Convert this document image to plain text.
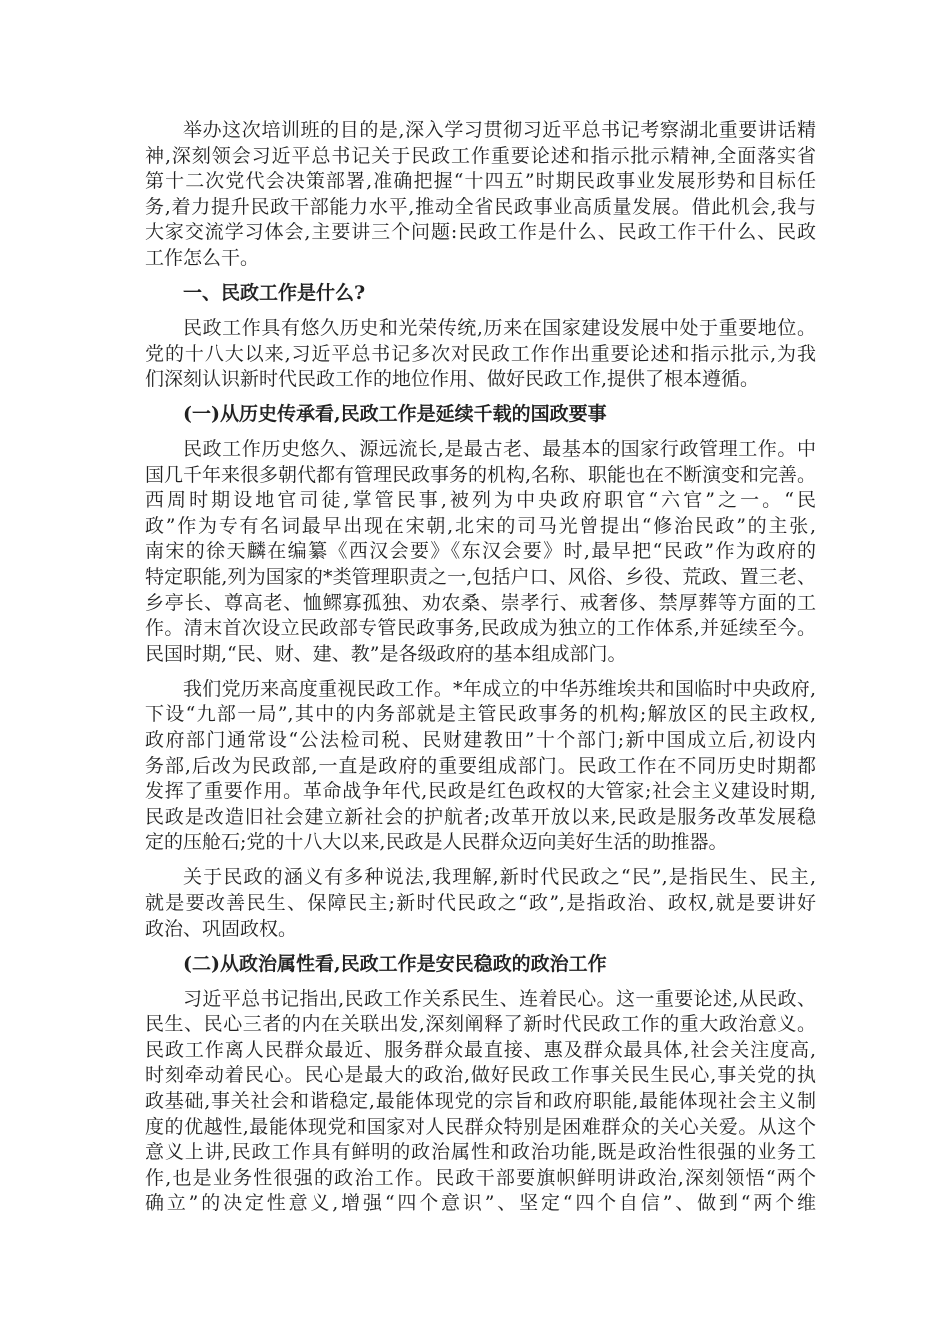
举办这次培训班的目的是,深入学习贯彻习近平总书记考察湖北重要讲话精
神,深刻领会习近平总书记关于民政工作重要论述和指示批示精神,全面落实省
第十二次党代会决策部署,准确把握“十四五”时期民政事业发展形势和目标任
务,着力提升民政干部能力水平,推动全省民政事业高质量发展。借此机会,我与
大家交流学习体会,主要讲三个问题:民政工作是什么、民政工作干什么、民政
工作怎么干。
一、民政工作是什么?
民政工作具有悠久历史和光荣传统,历来在国家建设发展中处于重要地位。
党的十八大以来,习近平总书记多次对民政工作作出重要论述和指示批示,为我
们深刻认识新时代民政工作的地位作用、做好民政工作,提供了根本遵循。
(一)从历史传承看,民政工作是延续千载的国政要事
民政工作历史悠久、源远流长,是最古老、最基本的国家行政管理工作。中
国几千年来很多朝代都有管理民政事务的机构,名称、职能也在不断演变和完善。
西周时期设地官司徒,掌管民事,被列为中央政府职官“六官”之一。“民
政”作为专有名词最早出现在宋朝,北宋的司马光曾提出“修治民政”的主张,
南宋的徐天麟在编纂《西汉会要》《东汉会要》时,最早把“民政”作为政府的
特定职能,列为国家的*类管理职责之一,包括户口、风俗、乡役、荒政、置三老、
乡亭长、尊高老、恤鳏寡孤独、劝农桑、崇孝行、戒奢侈、禁厚葬等方面的工
作。清末首次设立民政部专管民政事务,民政成为独立的工作体系,并延续至今。
民国时期,“民、财、建、教”是各级政府的基本组成部门。
我们党历来高度重视民政工作。*年成立的中华苏维埃共和国临时中央政府,
下设“九部一局”,其中的内务部就是主管民政事务的机构;解放区的民主政权,
政府部门通常设“公法检司税、民财建教田”十个部门;新中国成立后,初设内
务部,后改为民政部,一直是政府的重要组成部门。民政工作在不同历史时期都
发挥了重要作用。革命战争年代,民政是红色政权的大管家;社会主义建设时期,
民政是改造旧社会建立新社会的护航者;改革开放以来,民政是服务改革发展稳
定的压舱石;党的十八大以来,民政是人民群众迈向美好生活的助推器。
关于民政的涵义有多种说法,我理解,新时代民政之“民”,是指民生、民主,
就是要改善民生、保障民主;新时代民政之“政”,是指政治、政权,就是要讲好
政治、巩固政权。
(二)从政治属性看,民政工作是安民稳政的政治工作
习近平总书记指出,民政工作关系民生、连着民心。这一重要论述,从民政、
民生、民心三者的内在关联出发,深刻阐释了新时代民政工作的重大政治意义。
民政工作离人民群众最近、服务群众最直接、惠及群众最具体,社会关注度高,
时刻牵动着民心。民心是最大的政治,做好民政工作事关民生民心,事关党的执
政基础,事关社会和谐稳定,最能体现党的宗旨和政府职能,最能体现社会主义制
度的优越性,最能体现党和国家对人民群众特别是困难群众的关心关爱。从这个
意义上讲,民政工作具有鲜明的政治属性和政治功能,既是政治性很强的业务工
作,也是业务性很强的政治工作。民政干部要旗帜鲜明讲政治,深刻领悟“两个
确立”的决定性意义,增强“四个意识”、坚定“四个自信”、做到“两个维
